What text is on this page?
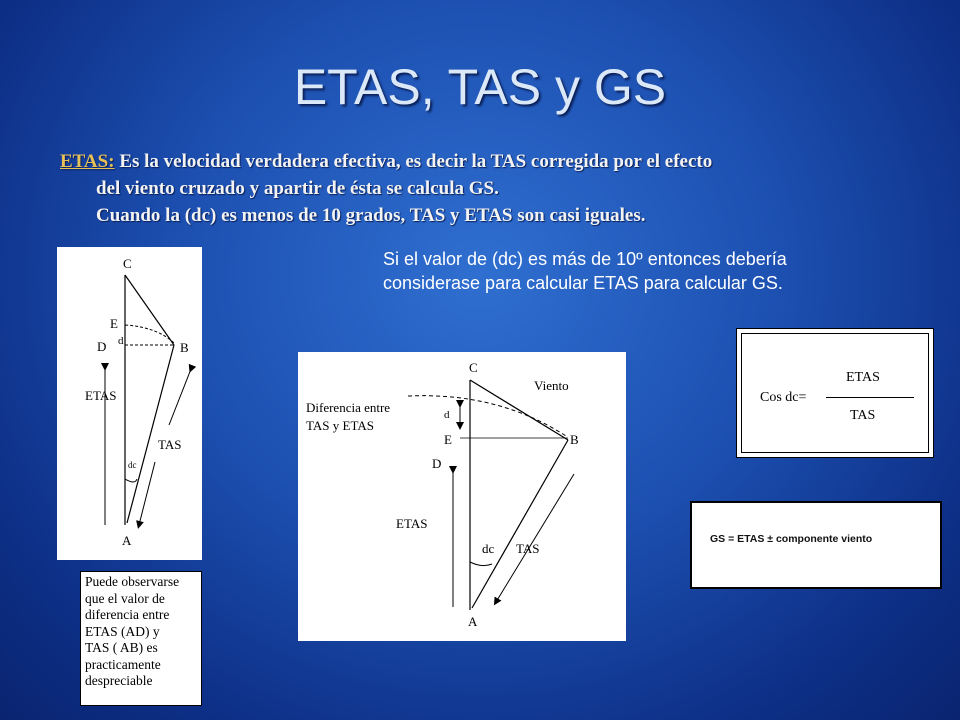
ETAS, TAS y GS
ETAS: Es la velocidad verdadera efectiva, es decir la TAS corregida por el efecto
del viento cruzado y apartir de ésta se calcula GS.
Cuando la (dc) es menos de 10 grados, TAS y ETAS son casi iguales.
Si el valor de (dc) es más de 10º entonces debería
considerase para calcular ETAS para calcular GS.
C
E
d
D	B
ETAS
TAS
dc
A
Puede observarse
que el valor de
diferencia entre
ETAS (AD) y
TAS ( AB) es
practicamente
despreciable
C
Viento
Diferencia entre
TAS y ETAS
d
E	B
D
ETAS
dc TAS
A
Cos dc=
ETAS
TAS
GS = ETAS ± componente viento
